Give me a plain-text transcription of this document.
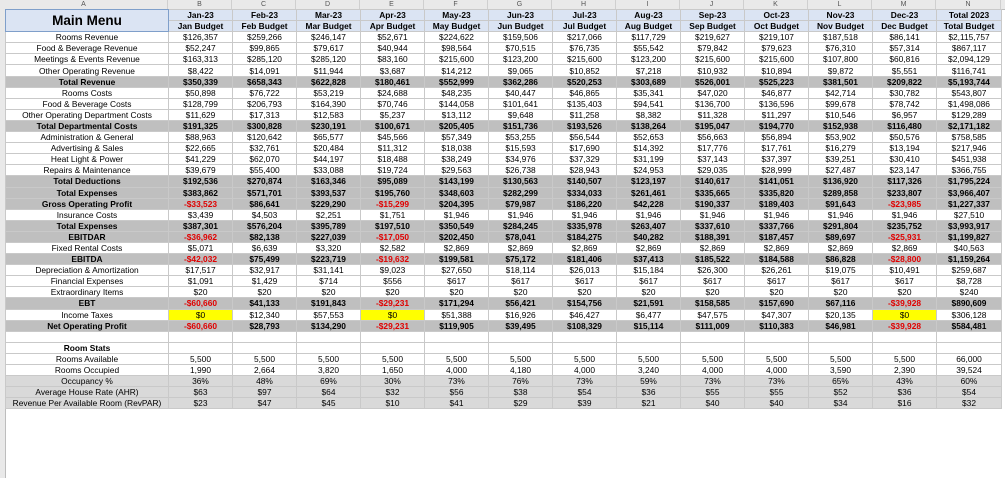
A	B	C	D	E	F	G	H	I	J	K	L	M	N
Main Menu	Jan-23	Feb-23	Mar-23	Apr-23	May-23	Jun-23	Jul-23	Aug-23	Sep-23	Oct-23	Nov-23	Dec-23	Total 2023
	Jan Budget	Feb Budget	Mar Budget	Apr Budget	May Budget	Jun Budget	Jul Budget	Aug Budget	Sep Budget	Oct Budget	Nov Budget	Dec Budget	Total Budget
Rooms Revenue	$126,357	$259,266	$246,147	$52,671	$224,622	$159,506	$217,066	$117,729	$219,627	$219,107	$187,518	$86,141	$2,115,757
Food & Beverage Revenue	$52,247	$99,865	$79,617	$40,944	$98,564	$70,515	$76,735	$55,542	$79,842	$79,623	$76,310	$57,314	$867,117
Meetings & Events Revenue	$163,313	$285,120	$285,120	$83,160	$215,600	$123,200	$215,600	$123,200	$215,600	$215,600	$107,800	$60,816	$2,094,129
Other Operating Revenue	$8,422	$14,091	$11,944	$3,687	$14,212	$9,065	$10,852	$7,218	$10,932	$10,894	$9,872	$5,551	$116,741
Total Revenue	$350,339	$658,343	$622,828	$180,461	$552,999	$362,286	$520,253	$303,689	$526,001	$525,223	$381,501	$209,822	$5,193,744
Rooms Costs	$50,898	$76,722	$53,219	$24,688	$48,235	$40,447	$46,865	$35,341	$47,020	$46,877	$42,714	$30,782	$543,807
Food & Beverage Costs	$128,799	$206,793	$164,390	$70,746	$144,058	$101,641	$135,403	$94,541	$136,700	$136,596	$99,678	$78,742	$1,498,086
Other Operating Department Costs	$11,629	$17,313	$12,583	$5,237	$13,112	$9,648	$11,258	$8,382	$11,328	$11,297	$10,546	$6,957	$129,289
Total Departmental Costs	$191,325	$300,828	$230,191	$100,671	$205,405	$151,736	$193,526	$138,264	$195,047	$194,770	$152,938	$116,480	$2,171,182
Administration & General	$88,963	$120,642	$65,577	$45,566	$57,349	$53,255	$56,544	$52,653	$56,663	$56,894	$53,902	$50,576	$758,585
Advertising & Sales	$22,665	$32,761	$20,484	$11,312	$18,038	$15,593	$17,690	$14,392	$17,776	$17,761	$16,279	$13,194	$217,946
Heat Light & Power	$41,229	$62,070	$44,197	$18,488	$38,249	$34,976	$37,329	$31,199	$37,143	$37,397	$39,251	$30,410	$451,938
Repairs & Maintenance	$39,679	$55,400	$33,088	$19,724	$29,563	$26,738	$28,943	$24,953	$29,035	$28,999	$27,487	$23,147	$366,755
Total Deductions	$192,536	$270,874	$163,346	$95,089	$143,199	$130,563	$140,507	$123,197	$140,617	$141,051	$136,920	$117,326	$1,795,224
Total Expenses	$383,862	$571,701	$393,537	$195,760	$348,603	$282,299	$334,033	$261,461	$335,665	$335,820	$289,858	$233,807	$3,966,407
Gross Operating Profit	-$33,523	$86,641	$229,290	-$15,299	$204,395	$79,987	$186,220	$42,228	$190,337	$189,403	$91,643	-$23,985	$1,227,337
Insurance Costs	$3,439	$4,503	$2,251	$1,751	$1,946	$1,946	$1,946	$1,946	$1,946	$1,946	$1,946	$1,946	$27,510
Total Expenses	$387,301	$576,204	$395,789	$197,510	$350,549	$284,245	$335,978	$263,407	$337,610	$337,766	$291,804	$235,752	$3,993,917
EBITDAR	-$36,962	$82,138	$227,039	-$17,050	$202,450	$78,041	$184,275	$40,282	$188,391	$187,457	$89,697	-$25,931	$1,199,827
Fixed Rental Costs	$5,071	$6,639	$3,320	$2,582	$2,869	$2,869	$2,869	$2,869	$2,869	$2,869	$2,869	$2,869	$40,563
EBITDA	-$42,032	$75,499	$223,719	-$19,632	$199,581	$75,172	$181,406	$37,413	$185,522	$184,588	$86,828	-$28,800	$1,159,264
Depreciation & Amortization	$17,517	$32,917	$31,141	$9,023	$27,650	$18,114	$26,013	$15,184	$26,300	$26,261	$19,075	$10,491	$259,687
Financial Expenses	$1,091	$1,429	$714	$556	$617	$617	$617	$617	$617	$617	$617	$617	$8,728
Extraordinary Items	$20	$20	$20	$20	$20	$20	$20	$20	$20	$20	$20	$20	$240
EBT	-$60,660	$41,133	$191,843	-$29,231	$171,294	$56,421	$154,756	$21,591	$158,585	$157,690	$67,116	-$39,928	$890,609
Income Taxes	$0	$12,340	$57,553	$0	$51,388	$16,926	$46,427	$6,477	$47,575	$47,307	$20,135	$0	$306,128
Net Operating Profit	-$60,660	$28,793	$134,290	-$29,231	$119,905	$39,495	$108,329	$15,114	$111,009	$110,383	$46,981	-$39,928	$584,481

Room Stats													
Rooms Available	5,500	5,500	5,500	5,500	5,500	5,500	5,500	5,500	5,500	5,500	5,500	5,500	66,000
Rooms Occupied	1,990	2,664	3,820	1,650	4,000	4,180	4,000	3,240	4,000	4,000	3,590	2,390	39,524
Occupancy %	36%	48%	69%	30%	73%	76%	73%	59%	73%	73%	65%	43%	60%
Average House Rate (AHR)	$63	$97	$64	$32	$56	$38	$54	$36	$55	$55	$52	$36	$54
Revenue Per Available Room (RevPAR)	$23	$47	$45	$10	$41	$29	$39	$21	$40	$40	$34	$16	$32
